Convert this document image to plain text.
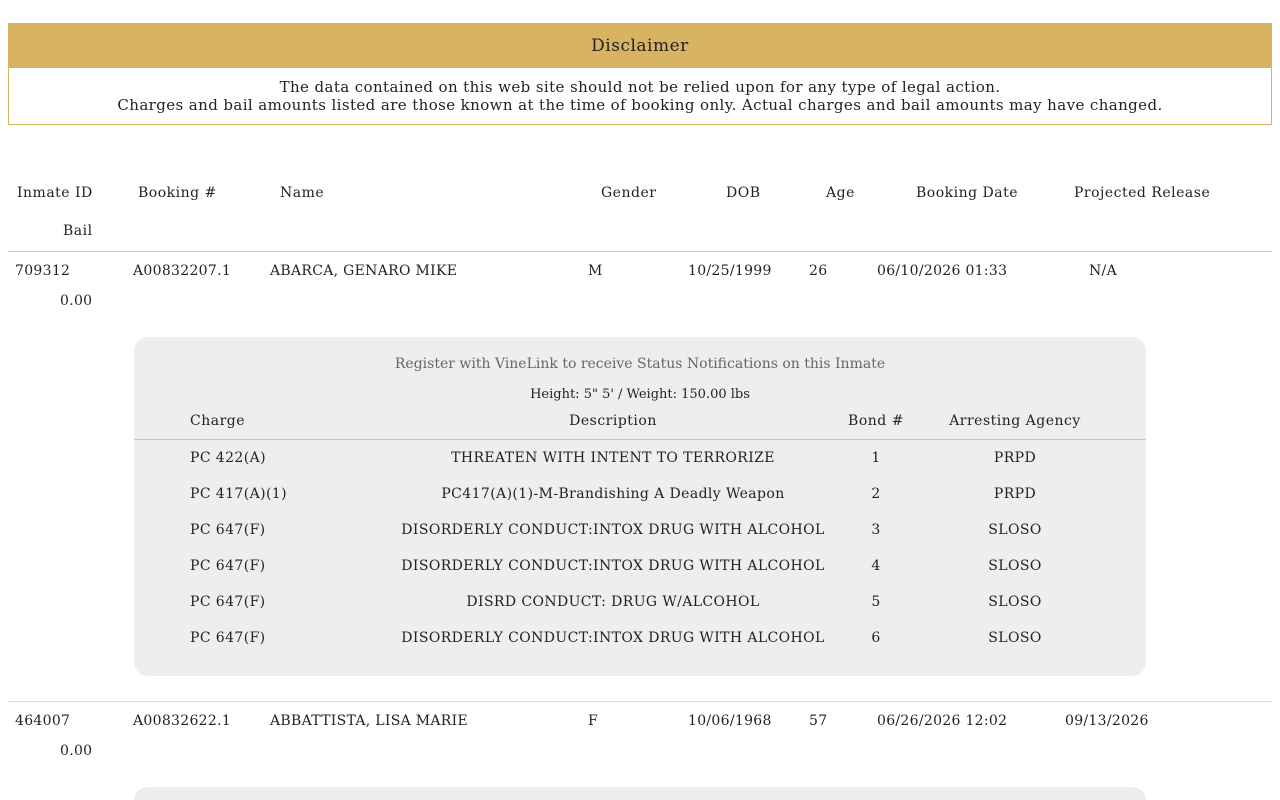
Disclaimer
The data contained on this web site should not be relied upon for any type of legal action.
Charges and bail amounts listed are those known at the time of booking only. Actual charges and bail amounts may have changed.
Inmate ID	Booking #	Name	Gender	DOB	Age	Booking Date	Projected Release
Bail
709312	A00832207.1	ABARCA, GENARO MIKE	M	10/25/1999	26	06/10/2026 01:33	N/A
0.00
Register with VineLink to receive Status Notifications on this Inmate
Height: 5" 5' / Weight: 150.00 lbs
Charge	Description	Bond #	Arresting Agency
PC 422(A)	THREATEN WITH INTENT TO TERRORIZE	1	PRPD
PC 417(A)(1)	PC417(A)(1)-M-Brandishing A Deadly Weapon	2	PRPD
PC 647(F)	DISORDERLY CONDUCT:INTOX DRUG WITH ALCOHOL	3	SLOSO
PC 647(F)	DISORDERLY CONDUCT:INTOX DRUG WITH ALCOHOL	4	SLOSO
PC 647(F)	DISRD CONDUCT: DRUG W/ALCOHOL	5	SLOSO
PC 647(F)	DISORDERLY CONDUCT:INTOX DRUG WITH ALCOHOL	6	SLOSO
464007	A00832622.1	ABBATTISTA, LISA MARIE	F	10/06/1968	57	06/26/2026 12:02	09/13/2026
0.00
